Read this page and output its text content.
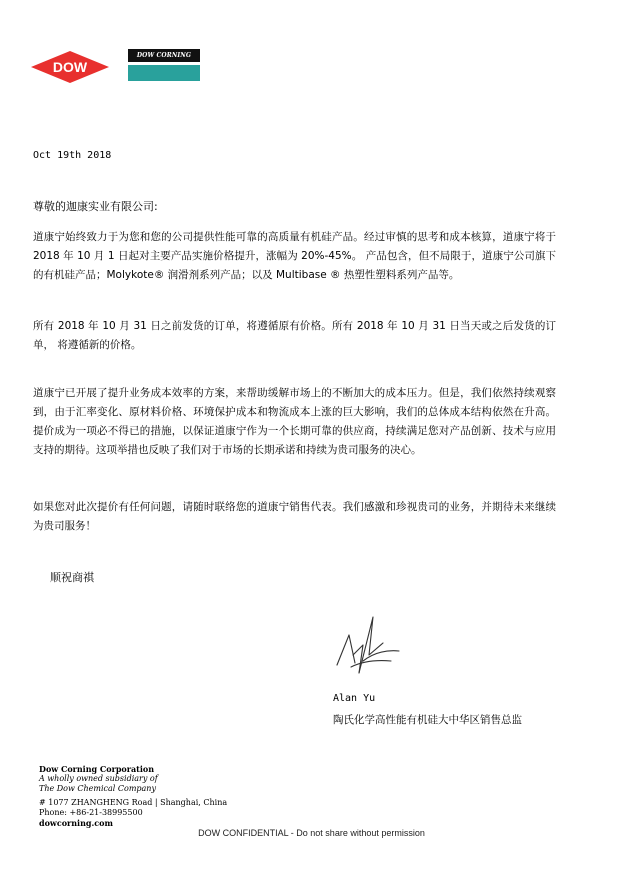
DOW
DOW CORNING
Oct 19th 2018
尊敬的迦康实业有限公司:
道康宁始终致力于为您和您的公司提供性能可靠的高质量有机硅产品。经过审慎的思考和成本核算，道康宁将于 2018 年 10 月 1 日起对主要产品实施价格提升，涨幅为 20%-45%。 产品包含，但不局限于，道康宁公司旗下的有机硅产品；Molykote® 润滑剂系列产品；以及 Multibase ® 热塑性塑料系列产品等。
所有 2018 年 10 月 31 日之前发货的订单，将遵循原有价格。所有 2018 年 10 月 31 日当天或之后发货的订单， 将遵循新的价格。
道康宁已开展了提升业务成本效率的方案，来帮助缓解市场上的不断加大的成本压力。但是，我们依然持续观察到，由于汇率变化、原材料价格、环境保护成本和物流成本上涨的巨大影响，我们的总体成本结构依然在升高。提价成为一项必不得已的措施，以保证道康宁作为一个长期可靠的供应商，持续满足您对产品创新、技术与应用支持的期待。这项举措也反映了我们对于市场的长期承诺和持续为贵司服务的决心。
如果您对此次提价有任何问题，请随时联络您的道康宁销售代表。我们感激和珍视贵司的业务，并期待未来继续为贵司服务！
顺祝商祺
Alan Yu
陶氏化学高性能有机硅大中华区销售总监
Dow Corning Corporation
A wholly owned subsidiary of
The Dow Chemical Company
# 1077 ZHANGHENG Road | Shanghai, China
Phone: +86-21-38995500
dowcorning.com
DOW CONFIDENTIAL - Do not share without permission
